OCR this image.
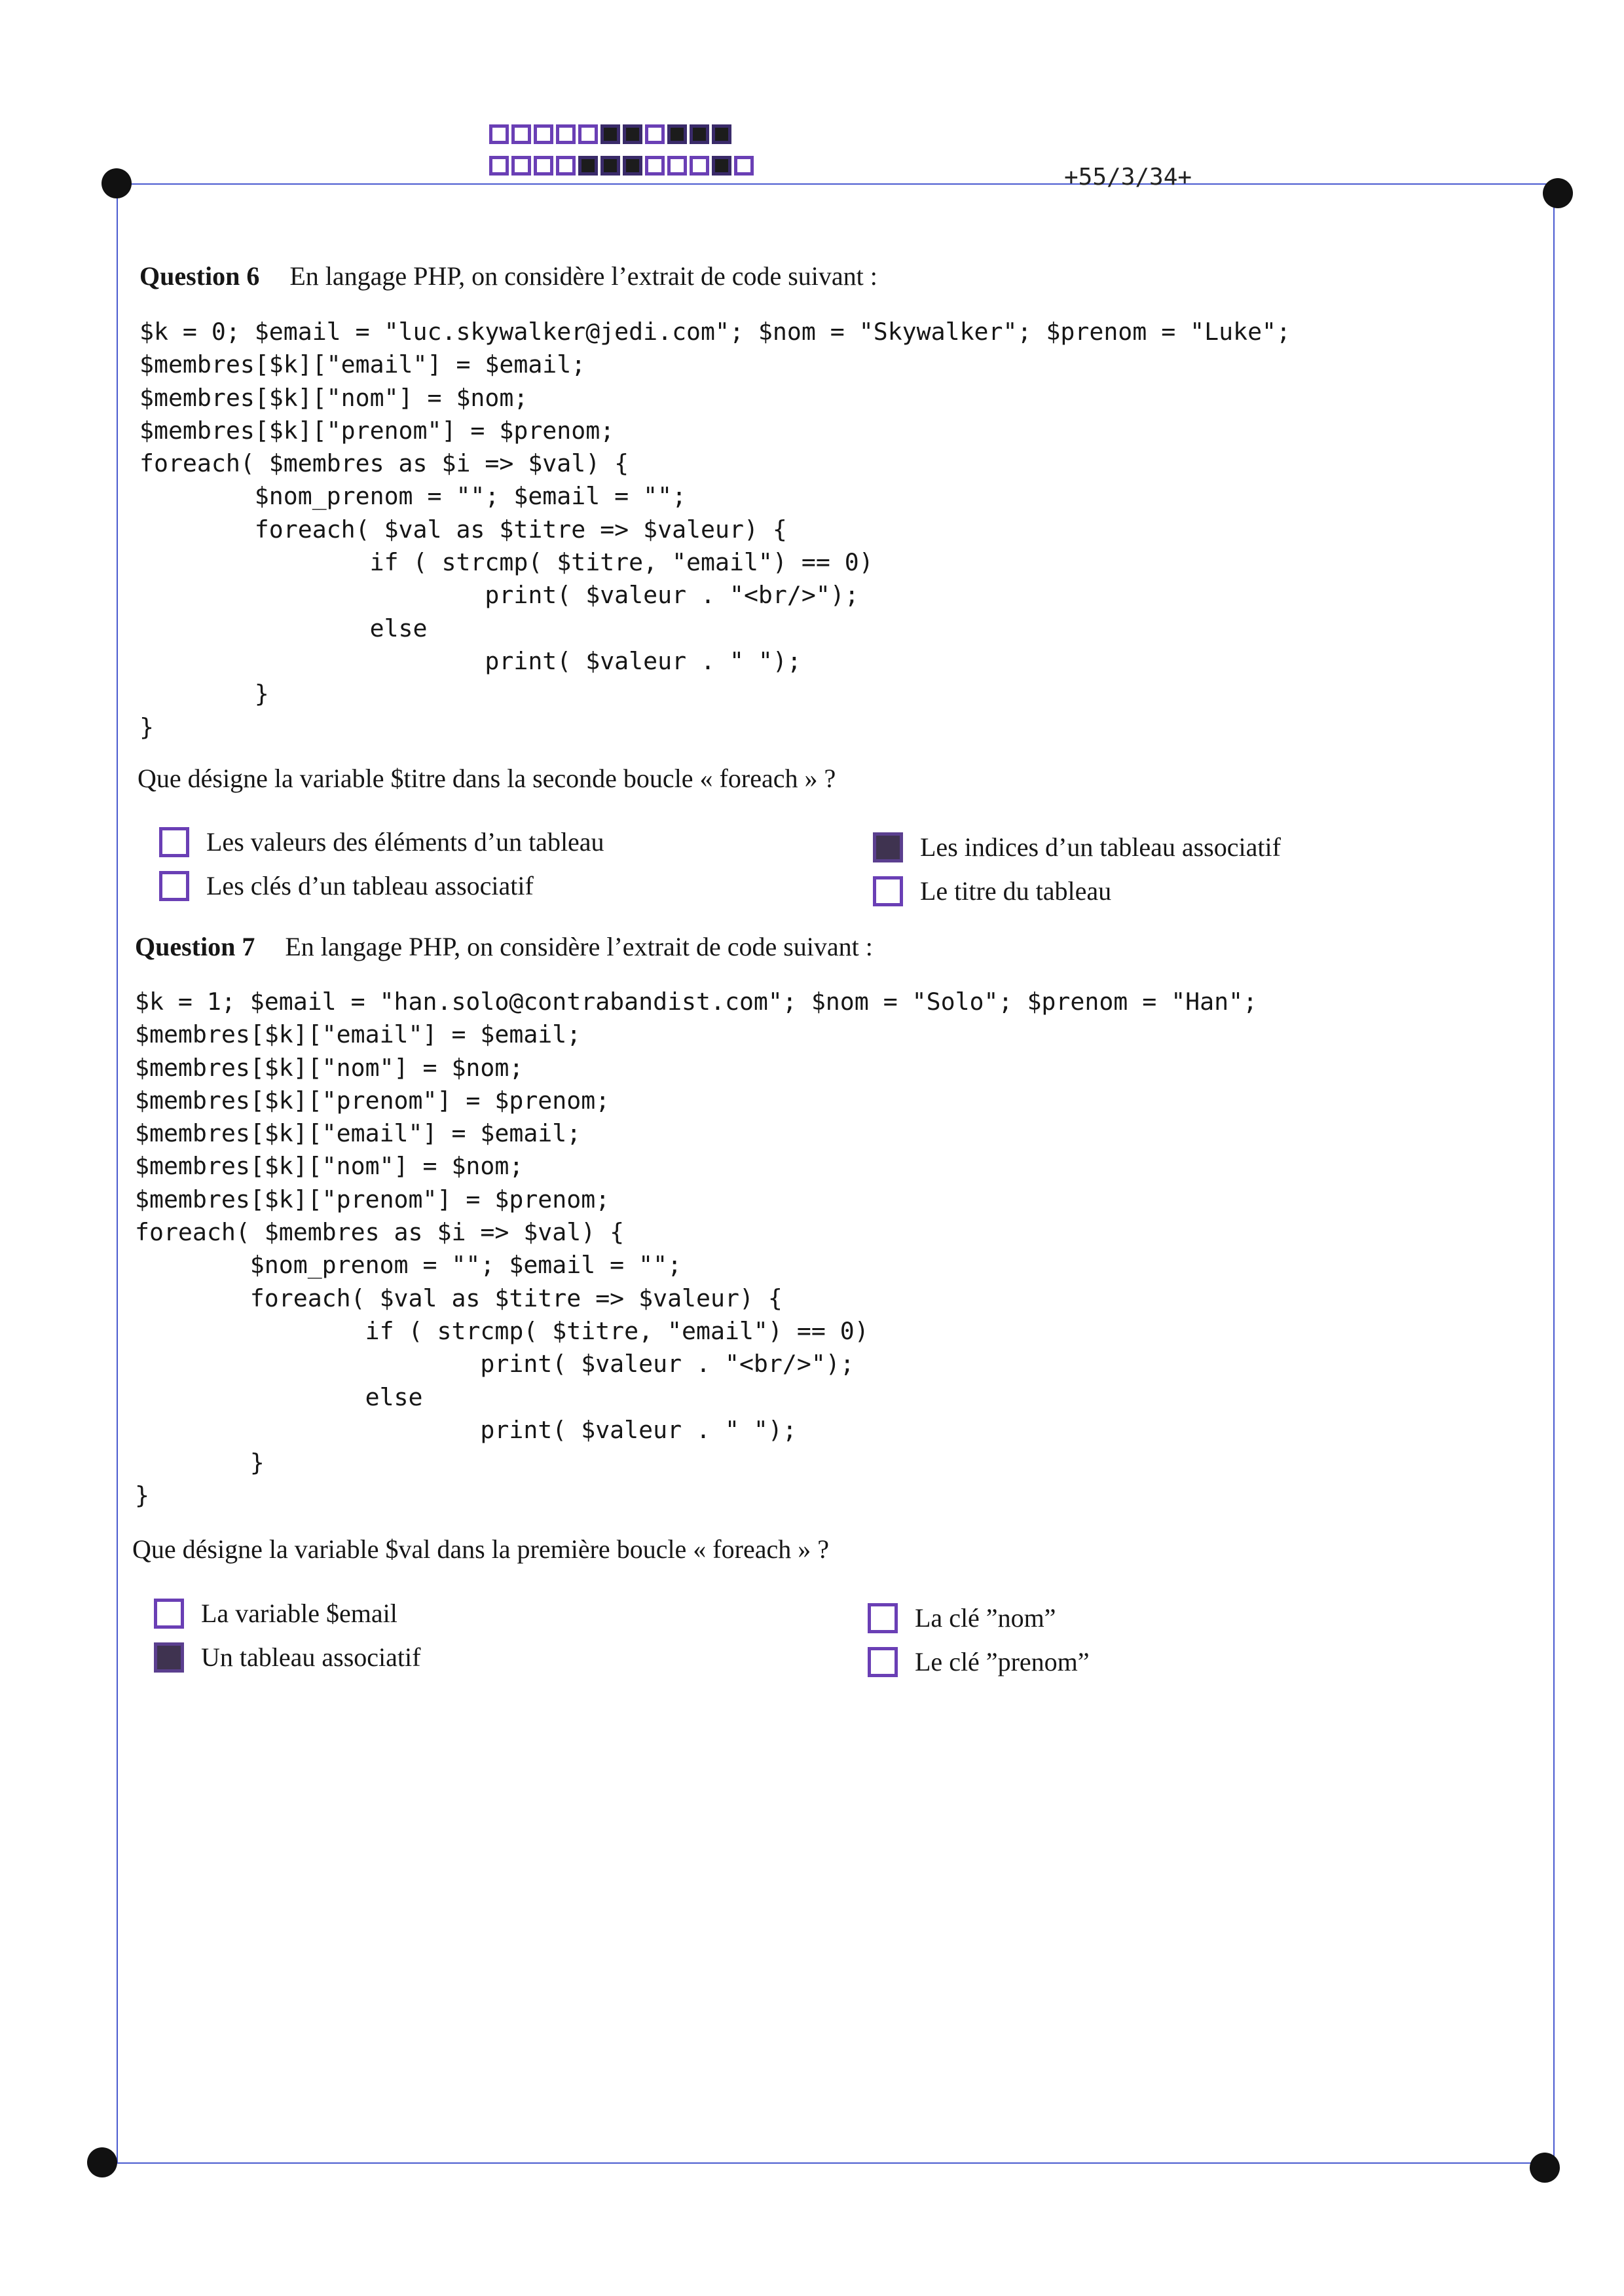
+55/3/34+
Question 6 En langage PHP, on considère l’extrait de code suivant :
$k = 0; $email = "luc.skywalker@jedi.com"; $nom = "Skywalker"; $prenom = "Luke";
$membres[$k]["email"] = $email;
$membres[$k]["nom"] = $nom;
$membres[$k]["prenom"] = $prenom;
foreach( $membres as $i => $val) {
$nom_prenom = ""; $email = "";
foreach( $val as $titre => $valeur) {
if ( strcmp( $titre, "email") == 0)
print( $valeur . "<br/>");
else
print( $valeur . " ");
}
}
Que désigne la variable $titre dans la seconde boucle « foreach » ?
Les valeurs des éléments d’un tableau	Les indices d’un tableau associatif
Les clés d’un tableau associatif	Le titre du tableau
Question 7 En langage PHP, on considère l’extrait de code suivant :
$k = 1; $email = "han.solo@contrabandist.com"; $nom = "Solo"; $prenom = "Han";
$membres[$k]["email"] = $email;
$membres[$k]["nom"] = $nom;
$membres[$k]["prenom"] = $prenom;
$membres[$k]["email"] = $email;
$membres[$k]["nom"] = $nom;
$membres[$k]["prenom"] = $prenom;
foreach( $membres as $i => $val) {
$nom_prenom = ""; $email = "";
foreach( $val as $titre => $valeur) {
if ( strcmp( $titre, "email") == 0)
print( $valeur . "<br/>");
else
print( $valeur . " ");
}
}
Que désigne la variable $val dans la première boucle « foreach » ?
La variable $email	La clé ”nom”
Un tableau associatif	Le clé ”prenom”
